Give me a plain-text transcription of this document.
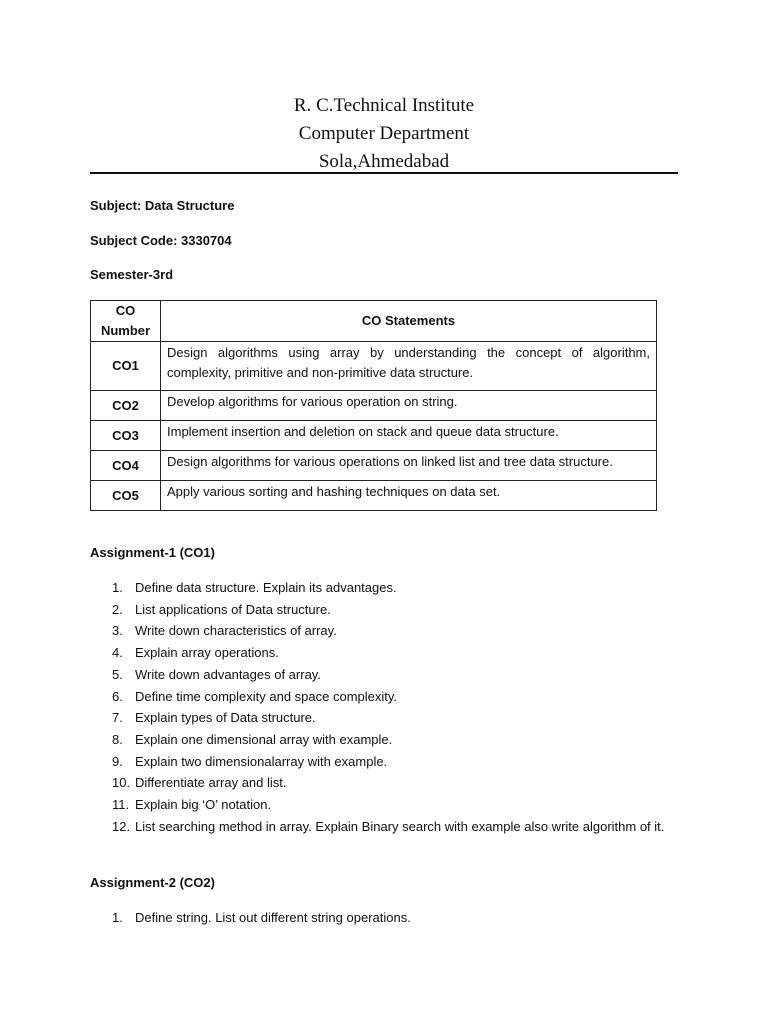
R. C.Technical Institute
Computer Department
Sola,Ahmedabad
Subject: Data Structure
Subject Code: 3330704
Semester-3rd
CO Number	CO Statements
CO1	Design algorithms using array by understanding the concept of algorithm, complexity, primitive and non-primitive data structure.
CO2	Develop algorithms for various operation on string.
CO3	Implement insertion and deletion on stack and queue data structure.
CO4	Design algorithms for various operations on linked list and tree data structure.
CO5	Apply various sorting and hashing techniques on data set.
Assignment-1 (CO1)
1. Define data structure. Explain its advantages.
2. List applications of Data structure.
3. Write down characteristics of array.
4. Explain array operations.
5. Write down advantages of array.
6. Define time complexity and space complexity.
7. Explain types of Data structure.
8. Explain one dimensional array with example.
9. Explain two dimensionalarray with example.
10. Differentiate array and list.
11. Explain big ‘O’ notation.
12. List searching method in array. Explain Binary search with example also write algorithm of it.
Assignment-2 (CO2)
1. Define string. List out different string operations.
